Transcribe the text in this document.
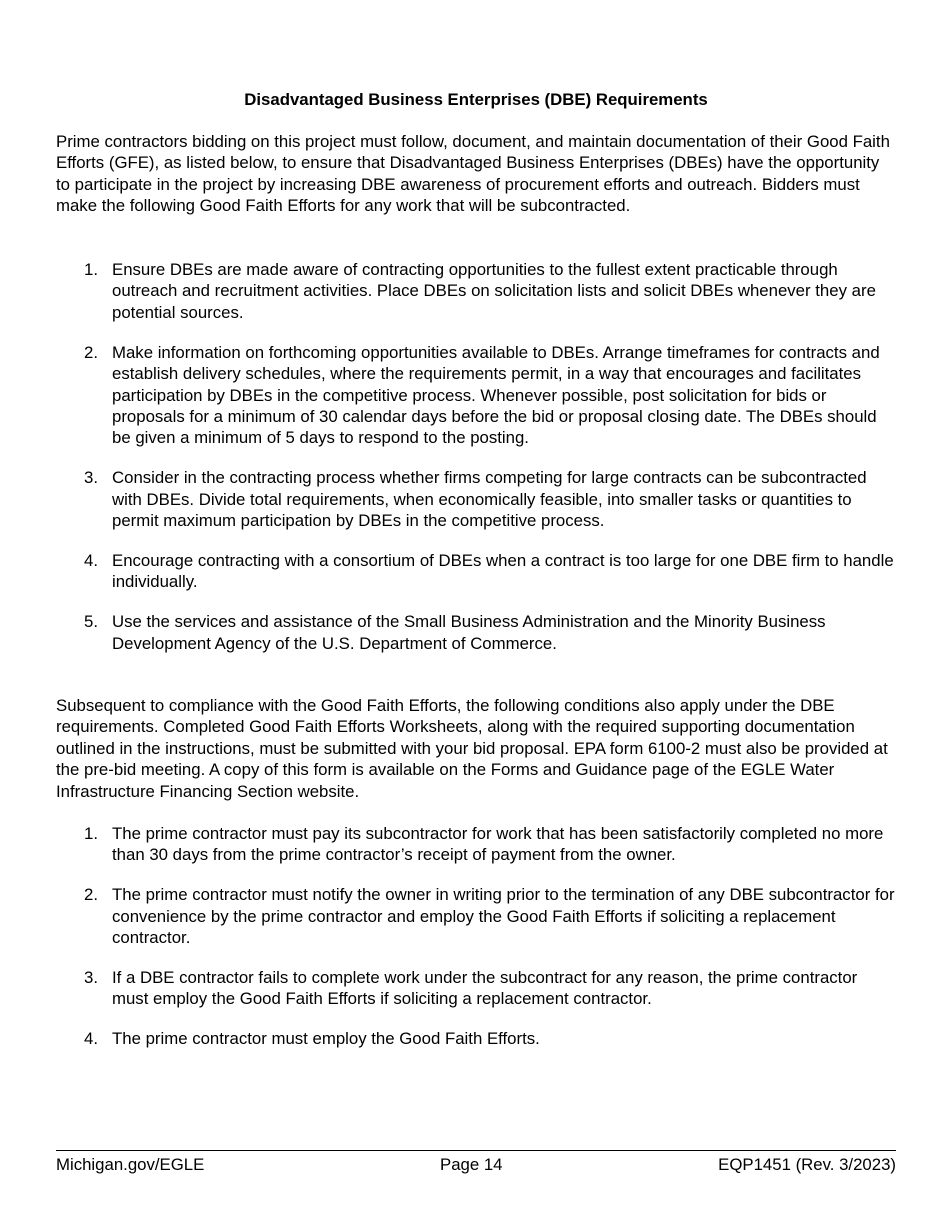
Disadvantaged Business Enterprises (DBE) Requirements

Prime contractors bidding on this project must follow, document, and maintain documentation of their Good Faith Efforts (GFE), as listed below, to ensure that Disadvantaged Business Enterprises (DBEs) have the opportunity to participate in the project by increasing DBE awareness of procurement efforts and outreach. Bidders must make the following Good Faith Efforts for any work that will be subcontracted.

1. Ensure DBEs are made aware of contracting opportunities to the fullest extent practicable through outreach and recruitment activities. Place DBEs on solicitation lists and solicit DBEs whenever they are potential sources.
2. Make information on forthcoming opportunities available to DBEs. Arrange timeframes for contracts and establish delivery schedules, where the requirements permit, in a way that encourages and facilitates participation by DBEs in the competitive process. Whenever possible, post solicitation for bids or proposals for a minimum of 30 calendar days before the bid or proposal closing date. The DBEs should be given a minimum of 5 days to respond to the posting.
3. Consider in the contracting process whether firms competing for large contracts can be subcontracted with DBEs. Divide total requirements, when economically feasible, into smaller tasks or quantities to permit maximum participation by DBEs in the competitive process.
4. Encourage contracting with a consortium of DBEs when a contract is too large for one DBE firm to handle individually.
5. Use the services and assistance of the Small Business Administration and the Minority Business Development Agency of the U.S. Department of Commerce.

Subsequent to compliance with the Good Faith Efforts, the following conditions also apply under the DBE requirements. Completed Good Faith Efforts Worksheets, along with the required supporting documentation outlined in the instructions, must be submitted with your bid proposal. EPA form 6100-2 must also be provided at the pre-bid meeting. A copy of this form is available on the Forms and Guidance page of the EGLE Water Infrastructure Financing Section website.

1. The prime contractor must pay its subcontractor for work that has been satisfactorily completed no more than 30 days from the prime contractor’s receipt of payment from the owner.
2. The prime contractor must notify the owner in writing prior to the termination of any DBE subcontractor for convenience by the prime contractor and employ the Good Faith Efforts if soliciting a replacement contractor.
3. If a DBE contractor fails to complete work under the subcontract for any reason, the prime contractor must employ the Good Faith Efforts if soliciting a replacement contractor.
4. The prime contractor must employ the Good Faith Efforts.
Michigan.gov/EGLE	Page 14	EQP1451 (Rev. 3/2023)
